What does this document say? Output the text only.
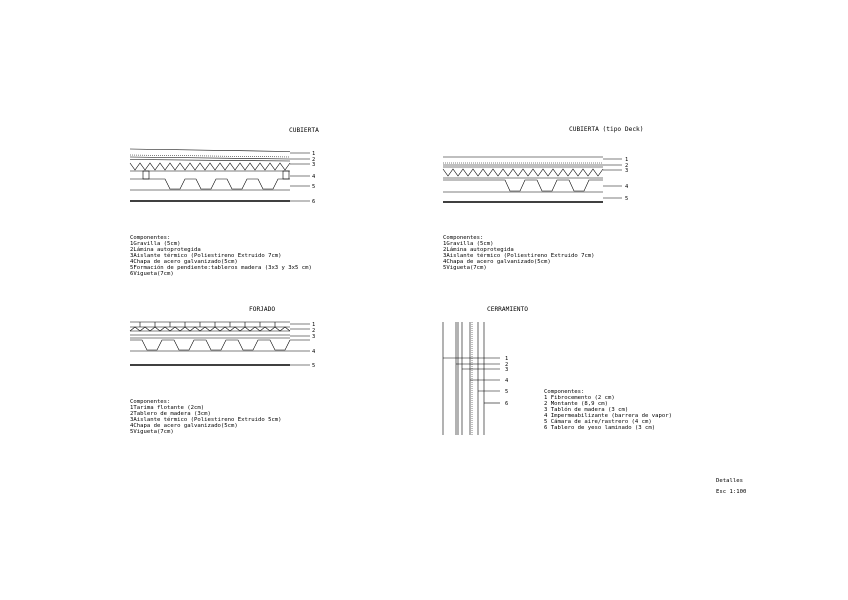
CUBIERTA
1
2
3
4
5
6
Componentes:
1Gravilla (5cm)
2Lámina autoprotegida
3Aislante térmico (Poliestireno Extruido 7cm)
4Chapa de acero galvanizado(5cm)
5Formación de pendiente:tableros madera (3x3 y 3x5 cm)
6Vigueta(7cm)
CUBIERTA (tipo Deck)
1
2
3
4
5
Componentes:
1Gravilla (5cm)
2Lámina autoprotegida
3Aislante térmico (Poliestireno Extruido 7cm)
4Chapa de acero galvanizado(5cm)
5Vigueta(7cm)
FORJADO
1
2
3
4
5
Componentes:
1Tarima flotante (2cm)
2Tablero de madera (3cm)
3Aislante térmico (Poliestireno Extruido 5cm)
4Chapa de acero galvanizado(5cm)
5Vigueta(7cm)
CERRAMIENTO
1
2
3
4
5
6
Componentes:
1 Fibrocemento (2 cm)
2 Montante (8,9 cm)
3 Tablón de madera (3 cm)
4 Impermeabilizante (barrera de vapor)
5 Cámara de aire/rastrero (4 cm)
6 Tablero de yeso laminado (3 cm)
Detalles
Esc 1:100
